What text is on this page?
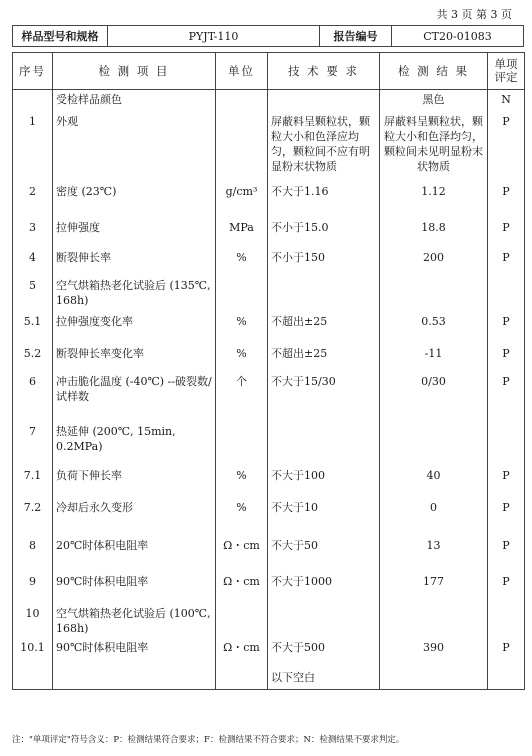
共 3 页 第 3 页
样品型号和规格	PYJT-110	报告编号	CT20-01083
序号	检 测 项 目	单位	技 术 要 求	检 测 结 果	单项评定
	受检样品颜色			黑色	N
1	外观		屏蔽料呈颗粒状，颗粒大小和色泽应均匀，颗粒间不应有明显粉末状物质	屏蔽料呈颗粒状，颗粒大小和色泽均匀，颗粒间未见明显粉末状物质	P
2	密度 (23℃)	g/cm³	不大于1.16	1.12	P
3	拉伸强度	MPa	不小于15.0	18.8	P
4	断裂伸长率	%	不小于150	200	P
5	空气烘箱热老化试验后 (135℃, 168h)				
5.1	拉伸强度变化率	%	不超出±25	0.53	P
5.2	断裂伸长率变化率	%	不超出±25	-11	P
6	冲击脆化温度 (-40℃) --破裂数/试样数	个	不大于15/30	0/30	P
7	热延伸 (200℃, 15min, 0.2MPa)				
7.1	负荷下伸长率	%	不大于100	40	P
7.2	冷却后永久变形	%	不大于10	0	P
8	20℃时体积电阻率	Ω・cm	不大于50	13	P
9	90℃时体积电阻率	Ω・cm	不大于1000	177	P
10	空气烘箱热老化试验后 (100℃, 168h)				
10.1	90℃时体积电阻率	Ω・cm	不大于500	390	P
			以下空白		
注："单项评定"符号含义：P：检测结果符合要求；F：检测结果不符合要求；N：检测结果不要求判定。
